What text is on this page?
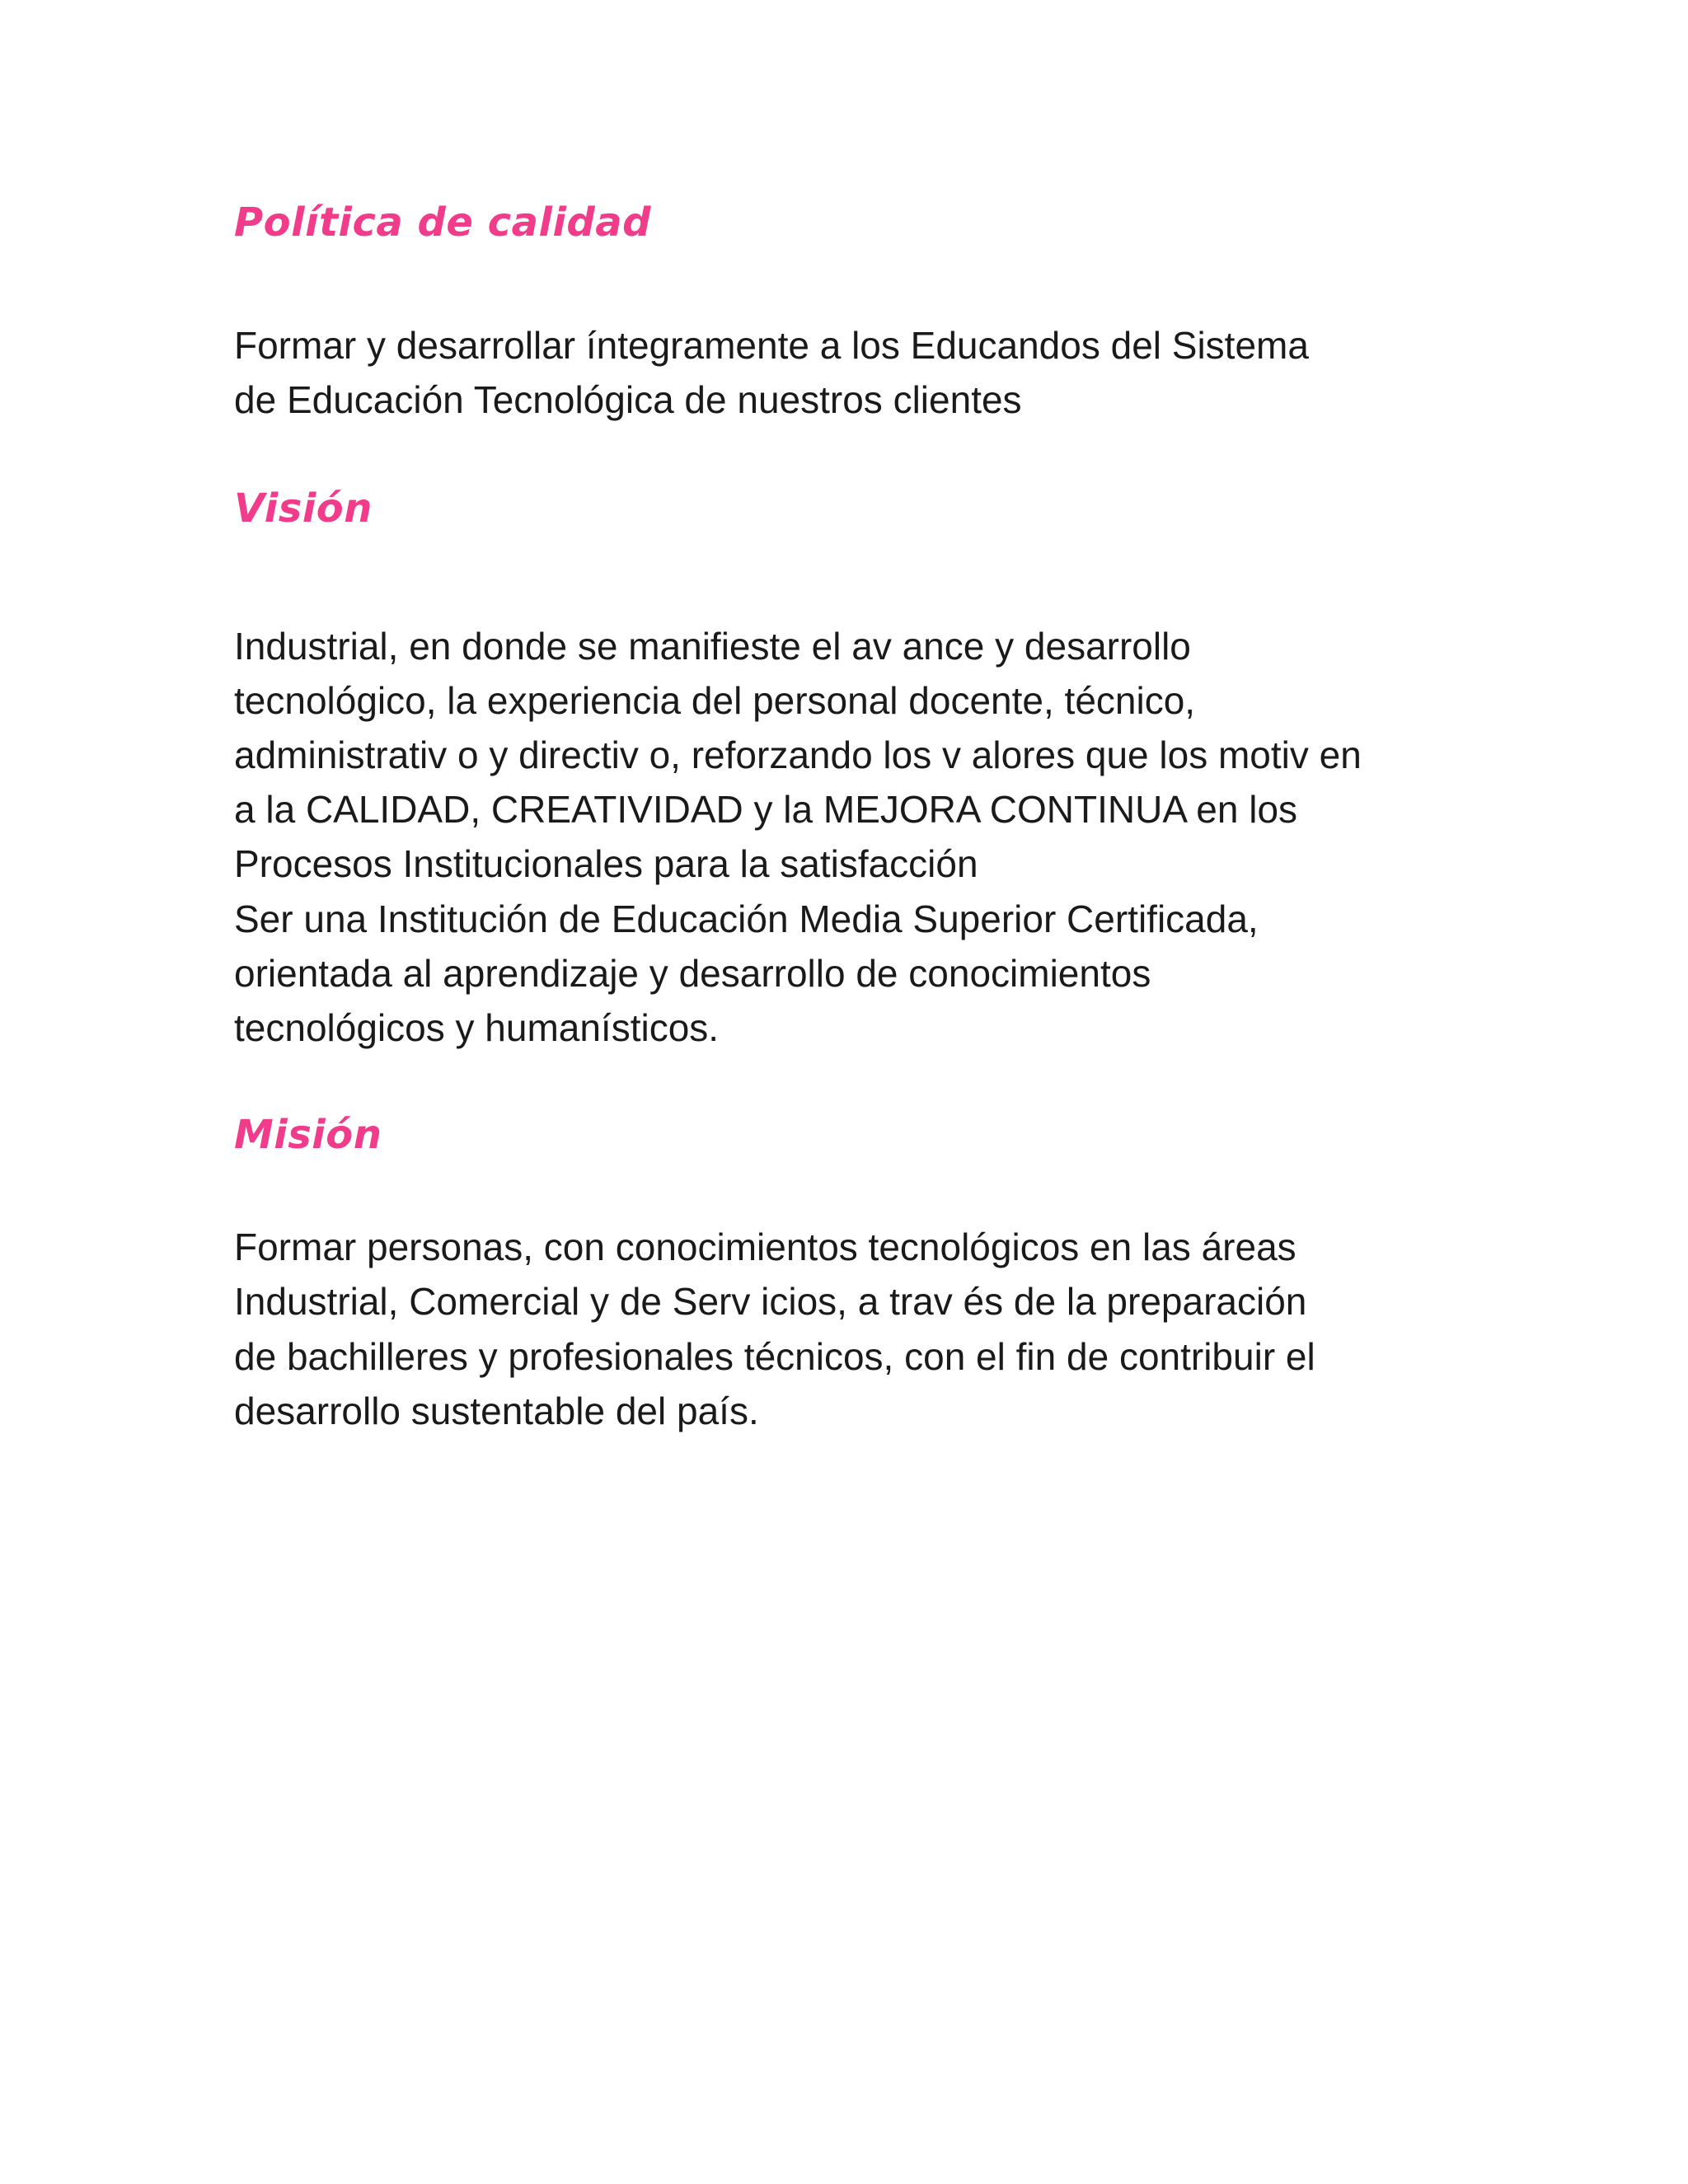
Política de calidad
Formar y desarrollar íntegramente a los Educandos del Sistema
de Educación Tecnológica de nuestros clientes
Visión
Industrial, en donde se manifieste el av ance y desarrollo
tecnológico, la experiencia del personal docente, técnico,
administrativ o y directiv o, reforzando los v alores que los motiv en
a la CALIDAD, CREATIVIDAD y la MEJORA CONTINUA en los
Procesos Institucionales para la satisfacción
Ser una Institución de Educación Media Superior Certificada,
orientada al aprendizaje y desarrollo de conocimientos
tecnológicos y humanísticos.
Misión
Formar personas, con conocimientos tecnológicos en las áreas
Industrial, Comercial y de Serv icios, a trav és de la preparación
de bachilleres y profesionales técnicos, con el fin de contribuir el
desarrollo sustentable del país.
